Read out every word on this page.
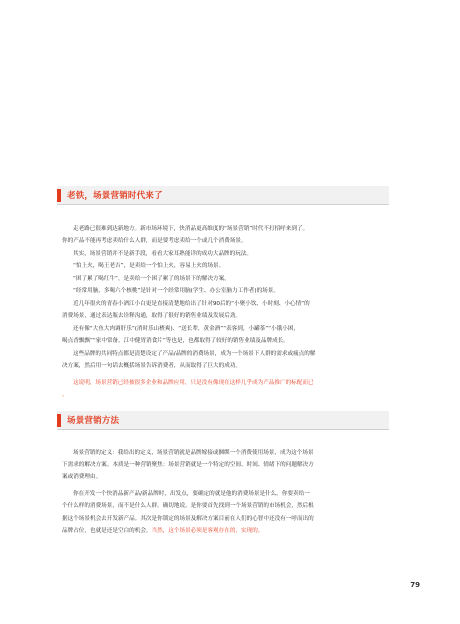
老铁，场景营销时代来了
走老路已很难到达新地方。新市场环境下，快消品更高维度的“场景营销”时代不打招呼来到了。
你的产品不能再考虑卖给什么人群，而是要考虑卖给一个或几个消费场景。
其实，场景营销并不是新手段，看看大家耳熟能详的成功大品牌的玩法。
“怕上火，喝王老吉”，是卖给一个怕上火，容易上火的场景。
“困了累了喝红牛”，是卖给一个困了累了的场景下的解决方案。
“经常用脑，多喝六个核桃”是针对一个经常用脑(学生、办公室脑力工作者)的场景。
近几年很火的青春小酒江小白更是直接清楚地给出了针对90后的“小聚小饮、小时刻、小心情”的
消费场景，通过表达瓶去诠释沟通，取得了很好的销售业绩及发展后劲。
还有像“大鱼大肉调肝乐”(消时乐山楂爽)、“送长辈，黄金酒”“表客到，小罐茶”“小饿小困，
喝点香飘飘”“家中常备，江中健胃消食片”等也是，也都取得了较好的销售业绩及品牌成长。
这些品牌的共同特点都是清楚设定了产品/品牌的消费场景，成为一个场景下人群的需求或痛点的解
决方案，然后用一句话去概括场景告诉消费者，从而取得了巨大的成功。
这说明，场景营销已经被很多企业和品牌应用，只是没有像现在这样几乎成为产品推广的标配而已
。
场景营销方法
场景营销的定义：我给出的定义，场景营销就是品牌嫁接或捆绑一个消费使用场景，成为这个场景
下需求的解决方案。本质是一种营销聚焦：场景营销就是一个特定的空间、时间、情绪下的问题解决方
案或消费理由。
你在开发一个快消品新产品/新品牌时，出发点，要确定的就是他的消费场景是什么。你要卖给一
个什么样的消费场景，而不是什么人群。确切地说，是你要首先找到一个场景营销的市场机会，然后根
据这个场景机会去开发新产品。其次是你锁定的场景及解决方案目前在人们的心智中还没有一呼而出的
品牌占位，也就是还是空白的机会。当然，这个场景必须是客观存在的，实现的。
79
